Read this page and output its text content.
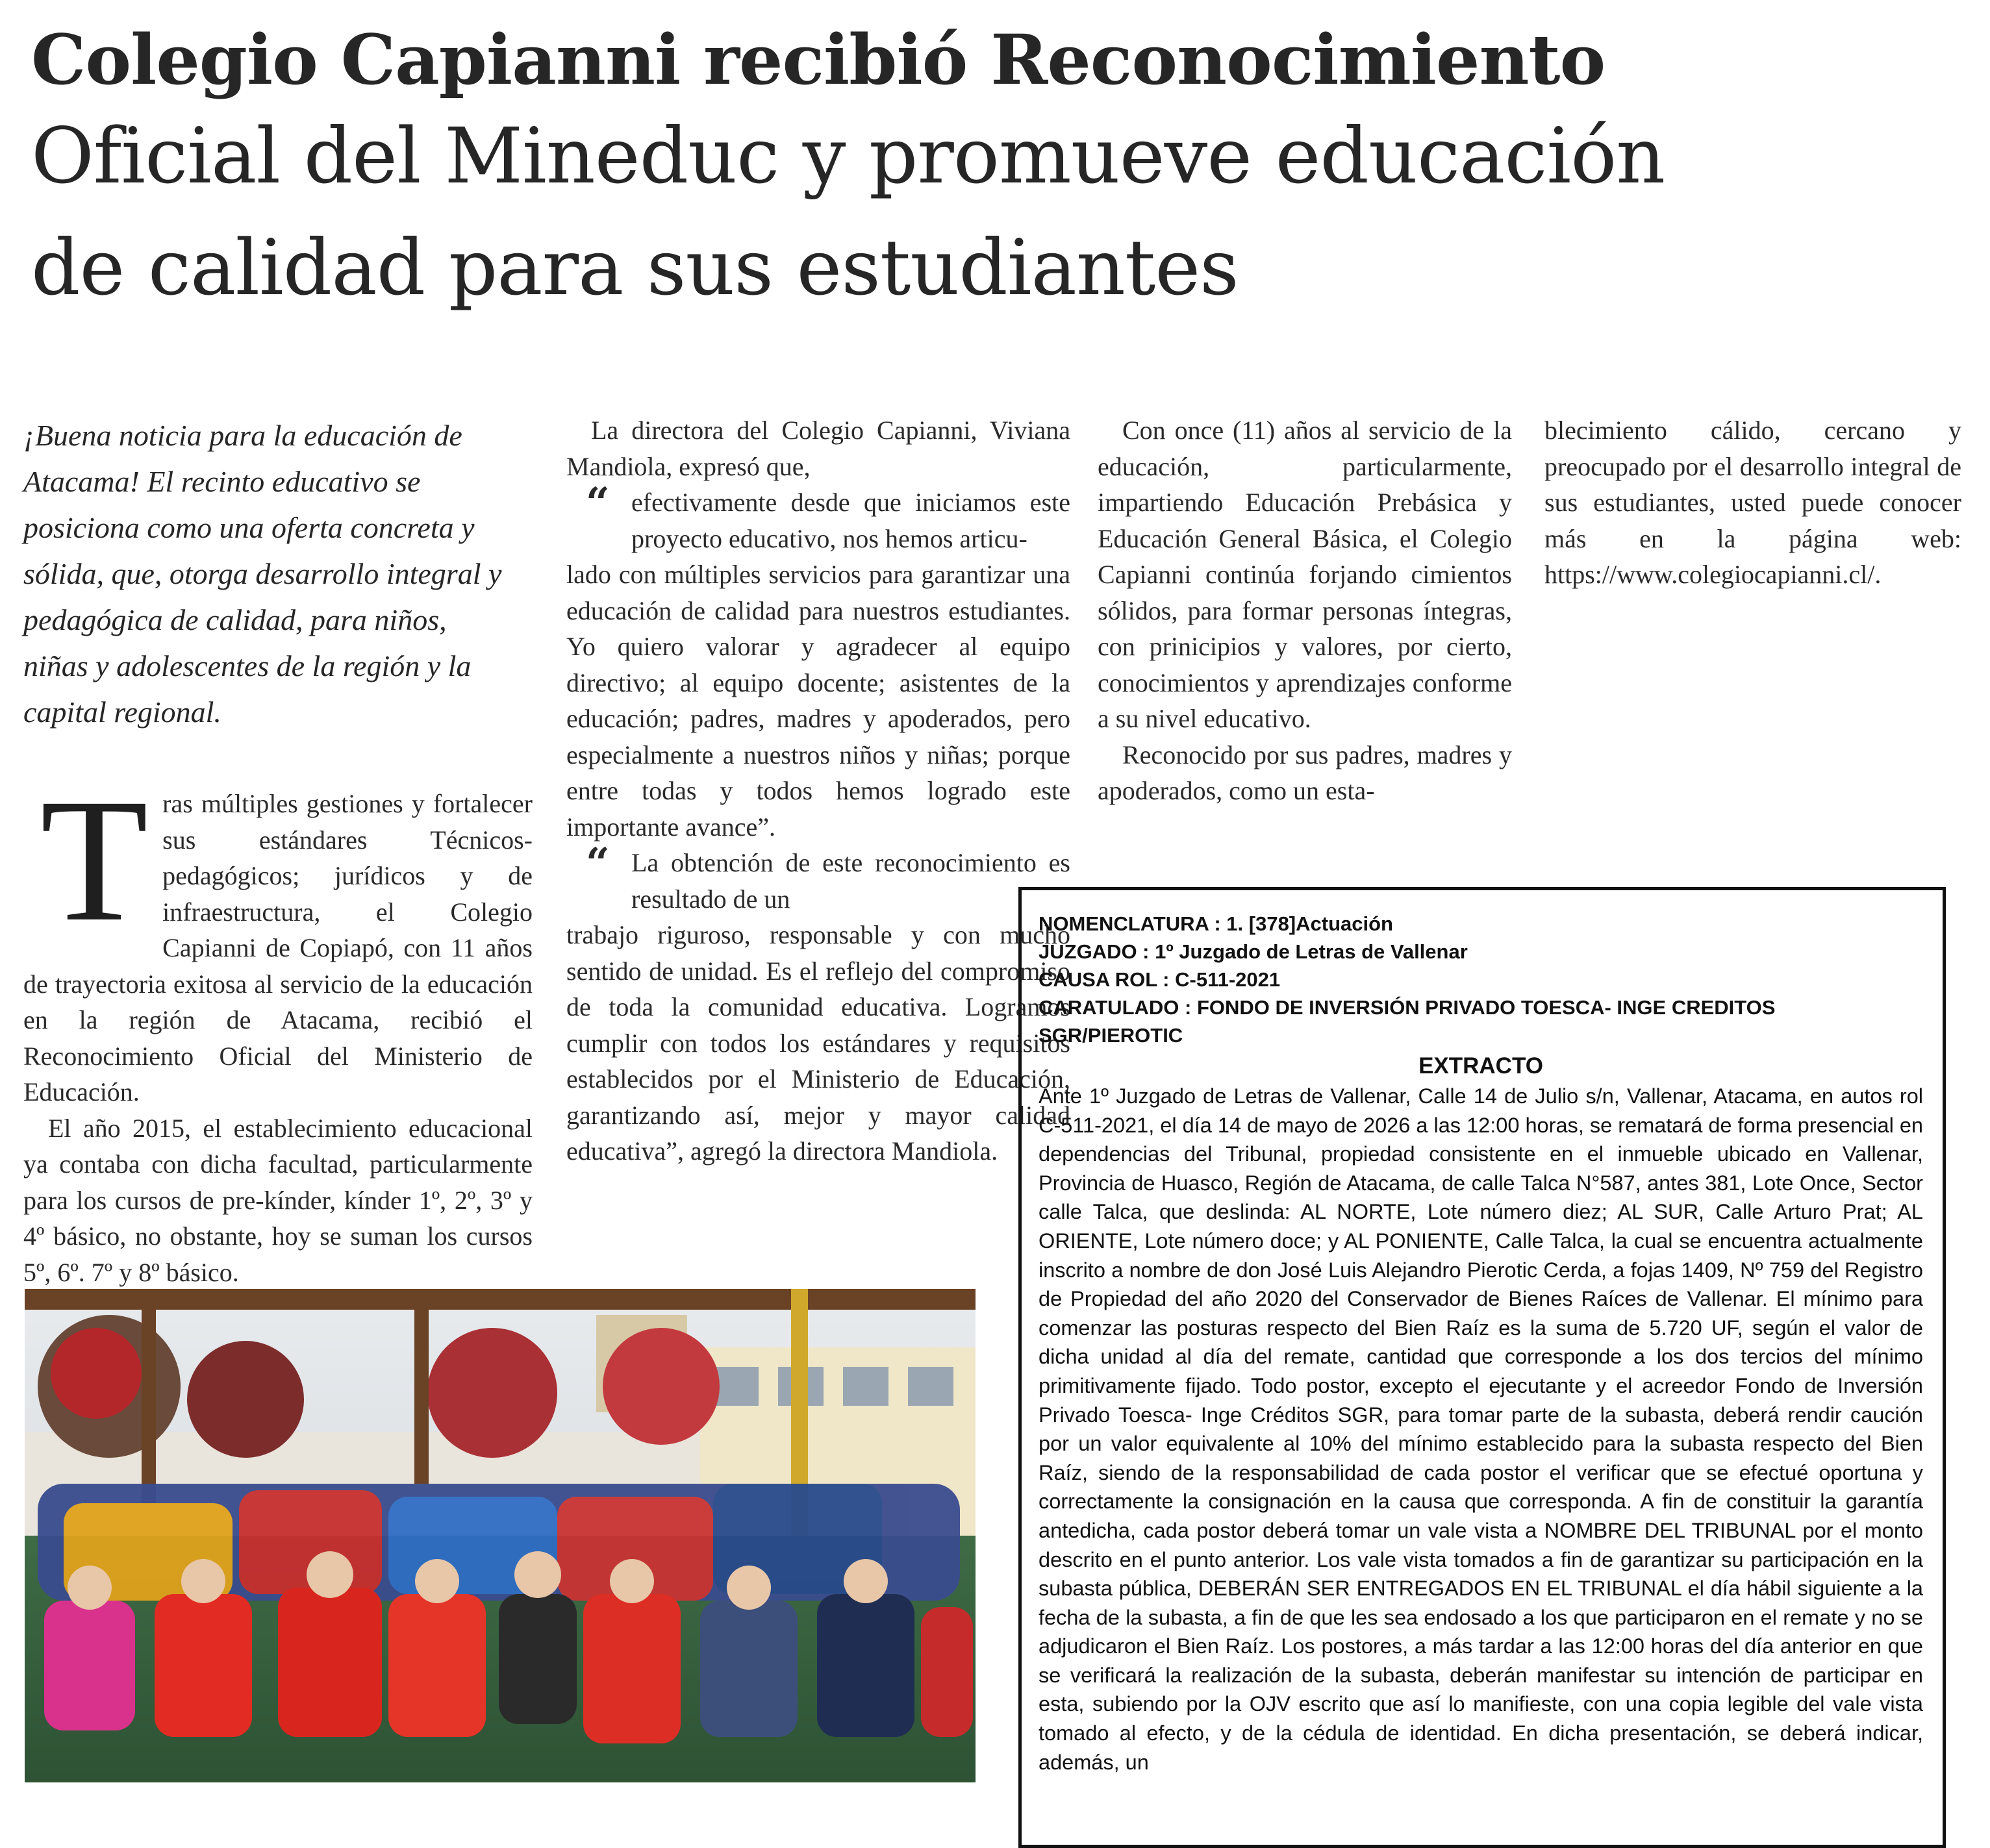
Colegio Capianni recibió Reconocimiento
Oficial del Mineduc y promueve educación
de calidad para sus estudiantes

¡Buena noticia para la educación de Atacama! El recinto educativo se posiciona como una oferta concreta y sólida, que, otorga desarrollo integral y pedagógica de calidad, para niños, niñas y adolescentes de la región y la capital regional.

T ras múltiples gestiones y fortalecer sus estándares Técnicos-pedagógicos; jurídicos y de infraestructura, el Colegio Capianni de Copiapó, con 11 años de trayectoria exitosa al servicio de la educación en la región de Atacama, recibió el Reconocimiento Oficial del Ministerio de Educación.

El año 2015, el establecimiento educacional ya contaba con dicha facultad, particularmente para los cursos de pre-kínder, kínder 1º, 2º, 3º y 4º básico, no obstante, hoy se suman los cursos 5º, 6º. 7º y 8º básico.

La directora del Colegio Capianni, Viviana Mandiola, expresó que,

“ efectivamente desde que iniciamos este proyecto educativo, nos hemos articu-

lado con múltiples servicios para garantizar una educación de calidad para nuestros estudiantes. Yo quiero valorar y agradecer al equipo directivo; al equipo docente; asistentes de la educación; padres, madres y apoderados, pero especialmente a nuestros niños y niñas; porque entre todas y todos hemos logrado este importante avance”.

“ La obtención de este reconocimiento es resultado de un

trabajo riguroso, responsable y con mucho sentido de unidad. Es el reflejo del compromiso de toda la comunidad educativa. Logramos cumplir con todos los estándares y requisitos establecidos por el Ministerio de Educación, garantizando así, mejor y mayor calidad educativa”, agregó la directora Mandiola.

Con once (11) años al servicio de la educación, particularmente, impartiendo Educación Prebásica y Educación General Básica, el Colegio Capianni continúa forjando cimientos sólidos, para formar personas íntegras, con prinicipios y valores, por cierto, conocimientos y aprendizajes conforme a su nivel educativo.

Reconocido por sus padres, madres y apoderados, como un esta-

blecimiento cálido, cercano y preocupado por el desarrollo integral de sus estudiantes, usted puede conocer más en la página web: https://www.colegiocapianni.cl/.

NOMENCLATURA : 1. [378]Actuación
JUZGADO : 1º Juzgado de Letras de Vallenar
CAUSA ROL : C-511-2021
CARATULADO : FONDO DE INVERSIÓN PRIVADO TOESCA- INGE CREDITOS SGR/PIEROTIC
EXTRACTO
Ante 1º Juzgado de Letras de Vallenar, Calle 14 de Julio s/n, Vallenar, Atacama, en autos rol C-511-2021, el día 14 de mayo de 2026 a las 12:00 horas, se rematará de forma presencial en dependencias del Tribunal, propiedad consistente en el inmueble ubicado en Vallenar, Provincia de Huasco, Región de Atacama, de calle Talca N°587, antes 381, Lote Once, Sector calle Talca, que deslinda: AL NORTE, Lote número diez; AL SUR, Calle Arturo Prat; AL ORIENTE, Lote número doce; y AL PONIENTE, Calle Talca, la cual se encuentra actualmente inscrito a nombre de don José Luis Alejandro Pierotic Cerda, a fojas 1409, Nº 759 del Registro de Propiedad del año 2020 del Conservador de Bienes Raíces de Vallenar. El mínimo para comenzar las posturas respecto del Bien Raíz es la suma de 5.720 UF, según el valor de dicha unidad al día del remate, cantidad que corresponde a los dos tercios del mínimo primitivamente fijado. Todo postor, excepto el ejecutante y el acreedor Fondo de Inversión Privado Toesca- Inge Créditos SGR, para tomar parte de la subasta, deberá rendir caución por un valor equivalente al 10% del mínimo establecido para la subasta respecto del Bien Raíz, siendo de la responsabilidad de cada postor el verificar que se efectué oportuna y correctamente la consignación en la causa que corresponda. A fin de constituir la garantía antedicha, cada postor deberá tomar un vale vista a NOMBRE DEL TRIBUNAL por el monto descrito en el punto anterior. Los vale vista tomados a fin de garantizar su participación en la subasta pública, DEBERÁN SER ENTREGADOS EN EL TRIBUNAL el día hábil siguiente a la fecha de la subasta, a fin de que les sea endosado a los que participaron en el remate y no se adjudicaron el Bien Raíz. Los postores, a más tardar a las 12:00 horas del día anterior en que se verificará la realización de la subasta, deberán manifestar su intención de participar en esta, subiendo por la OJV escrito que así lo manifieste, con una copia legible del vale vista tomado al efecto, y de la cédula de identidad. En dicha presentación, se deberá indicar, además, un
